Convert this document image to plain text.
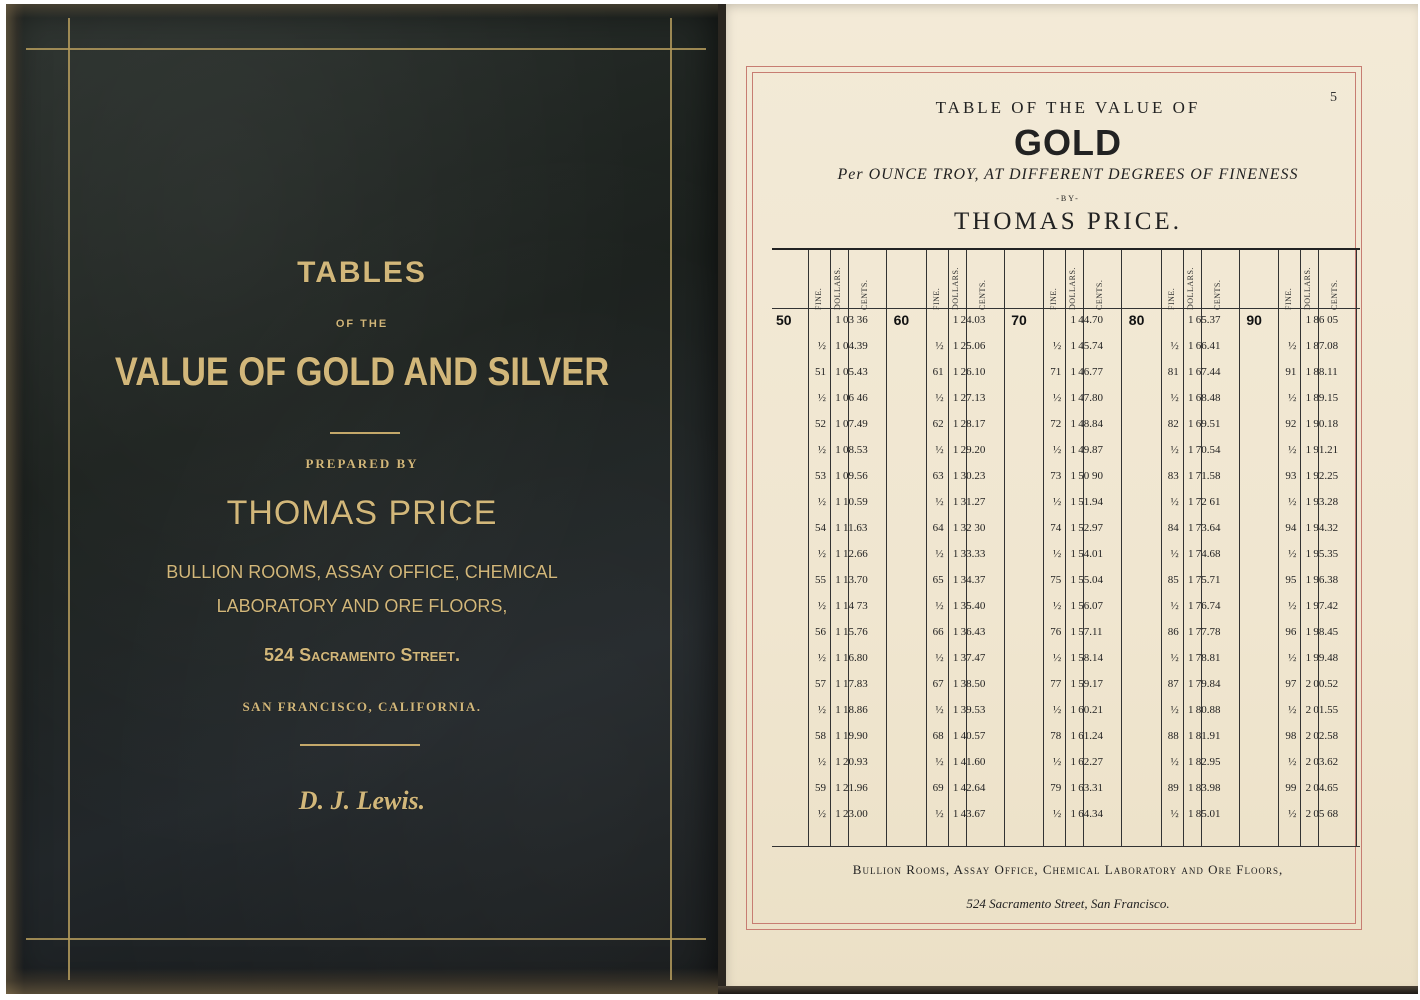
TABLES
OF THE
VALUE OF GOLD AND SILVER
PREPARED BY
THOMAS PRICE
BULLION ROOMS, ASSAY OFFICE, CHEMICAL
LABORATORY AND ORE FLOORS,
524 Sacramento Street.
SAN FRANCISCO, CALIFORNIA.
D. J. Lewis.
5
TABLE OF THE VALUE OF
GOLD
Per OUNCE TROY, AT DIFFERENT DEGREES OF FINENESS
-BY-
THOMAS PRICE.
FINE.	DOLLARS.	CENTS.
50	1 03 36
½ 1 04.39
51 1 05.43
½ 1 06 46
52 1 07.49
½ 1 08.53
53 1 09.56
½ 1 10.59
54 1 11.63
½ 1 12.66
55 1 13.70
½ 1 14 73
56 1 15.76
½ 1 16.80
57 1 17.83
½ 1 18.86
58 1 19.90
½ 1 20.93
59 1 21.96
½ 1 23.00
FINE.	DOLLARS.	CENTS.
60	1 24.03
½ 1 25.06
61 1 26.10
½ 1 27.13
62 1 28.17
½ 1 29.20
63 1 30.23
½ 1 31.27
64 1 32 30
½ 1 33.33
65 1 34.37
½ 1 35.40
66 1 36.43
½ 1 37.47
67 1 38.50
½ 1 39.53
68 1 40.57
½ 1 41.60
69 1 42.64
½ 1 43.67
FINE.	DOLLARS.	CENTS.
70	1 44.70
½ 1 45.74
71 1 46.77
½ 1 47.80
72 1 48.84
½ 1 49.87
73 1 50 90
½ 1 51.94
74 1 52.97
½ 1 54.01
75 1 55.04
½ 1 56.07
76 1 57.11
½ 1 58.14
77 1 59.17
½ 1 60.21
78 1 61.24
½ 1 62.27
79 1 63.31
½ 1 64.34
FINE.	DOLLARS.	CENTS.
80	1 65.37
½ 1 66.41
81 1 67.44
½ 1 68.48
82 1 69.51
½ 1 70.54
83 1 71.58
½ 1 72 61
84 1 73.64
½ 1 74.68
85 1 75.71
½ 1 76.74
86 1 77.78
½ 1 78.81
87 1 79.84
½ 1 80.88
88 1 81.91
½ 1 82.95
89 1 83.98
½ 1 85.01
FINE.	DOLLARS.	CENTS.
90	1 86 05
½ 1 87.08
91 1 88.11
½ 1 89.15
92 1 90.18
½ 1 91.21
93 1 92.25
½ 1 93.28
94 1 94.32
½ 1 95.35
95 1 96.38
½ 1 97.42
96 1 98.45
½ 1 99.48
97 2 00.52
½ 2 01.55
98 2 02.58
½ 2 03.62
99 2 04.65
½ 2 05 68
Bullion Rooms, Assay Office, Chemical Laboratory and Ore Floors,
524 Sacramento Street, San Francisco.
